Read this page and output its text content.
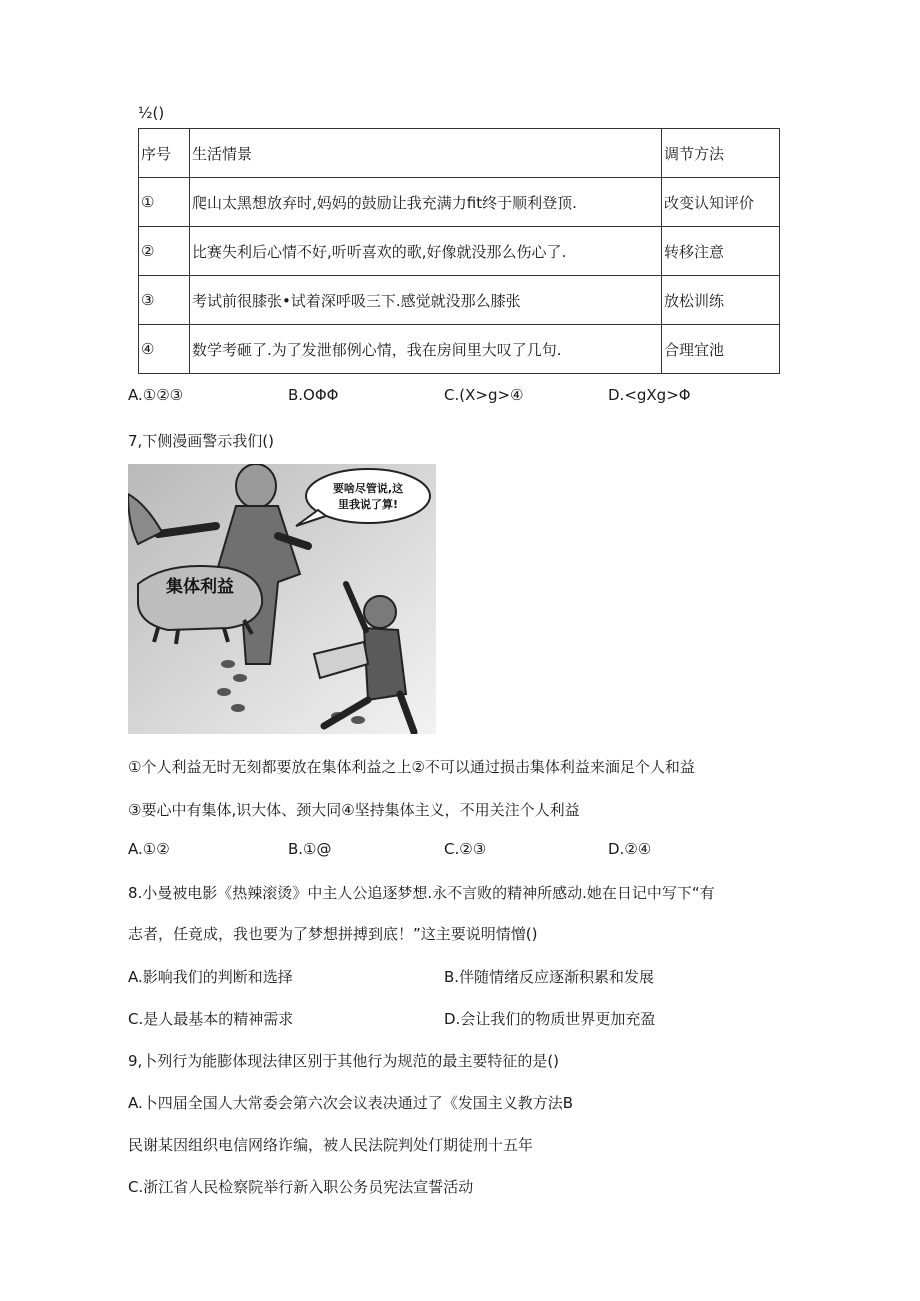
½()
序号	生活情景	调节方法
①	爬山太黑想放弃时,妈妈的鼓励让我充满力fit终于顺利登顶.	改变认知评价
②	比赛失利后心情不好,听听喜欢的歌,好像就没那么伤心了.	转移注意
③	考试前很膝张•试着深呼吸三下.感觉就没那么膝张	放松训练
④	数学考砸了.为了发泄郁例心情，我在房间里大叹了几句.	合理宜池
A.①②③	B.OΦΦ	C.(X>g>④	D.<gXg>Φ
7,下侧漫画警示我们()
要啥尽管说,这
里我说了算!
集体利益
①个人利益无时无刻都要放在集体利益之上②不可以通过损击集体利益来湎足个人和益
③要心中有集体,识大体、颈大同④坚持集体主义，不用关注个人利益
A.①②	B.①@	C.②③	D.②④
8.小曼被电影《热辣滚烫》中主人公追逐梦想.永不言败的精神所感动.她在日记中写下“有
志者，任竟成，我也要为了梦想拼搏到底！”这主要说明情憎()
A.影响我们的判断和选择	B.伴随情绪反应逐渐积累和发展
C.是人最基本的精神需求	D.会让我们的物质世界更加充盈
9,卜列行为能膨体现法律区别于其他行为规范的最主要特征的是()
A.卜四届全国人大常委会第六次会议表决通过了《发国主义教方法B
民谢某因组织电信网络诈编，被人民法院判处仃期徒刑十五年
C.浙江省人民检察院举行新入职公务员宪法宣誓活动
